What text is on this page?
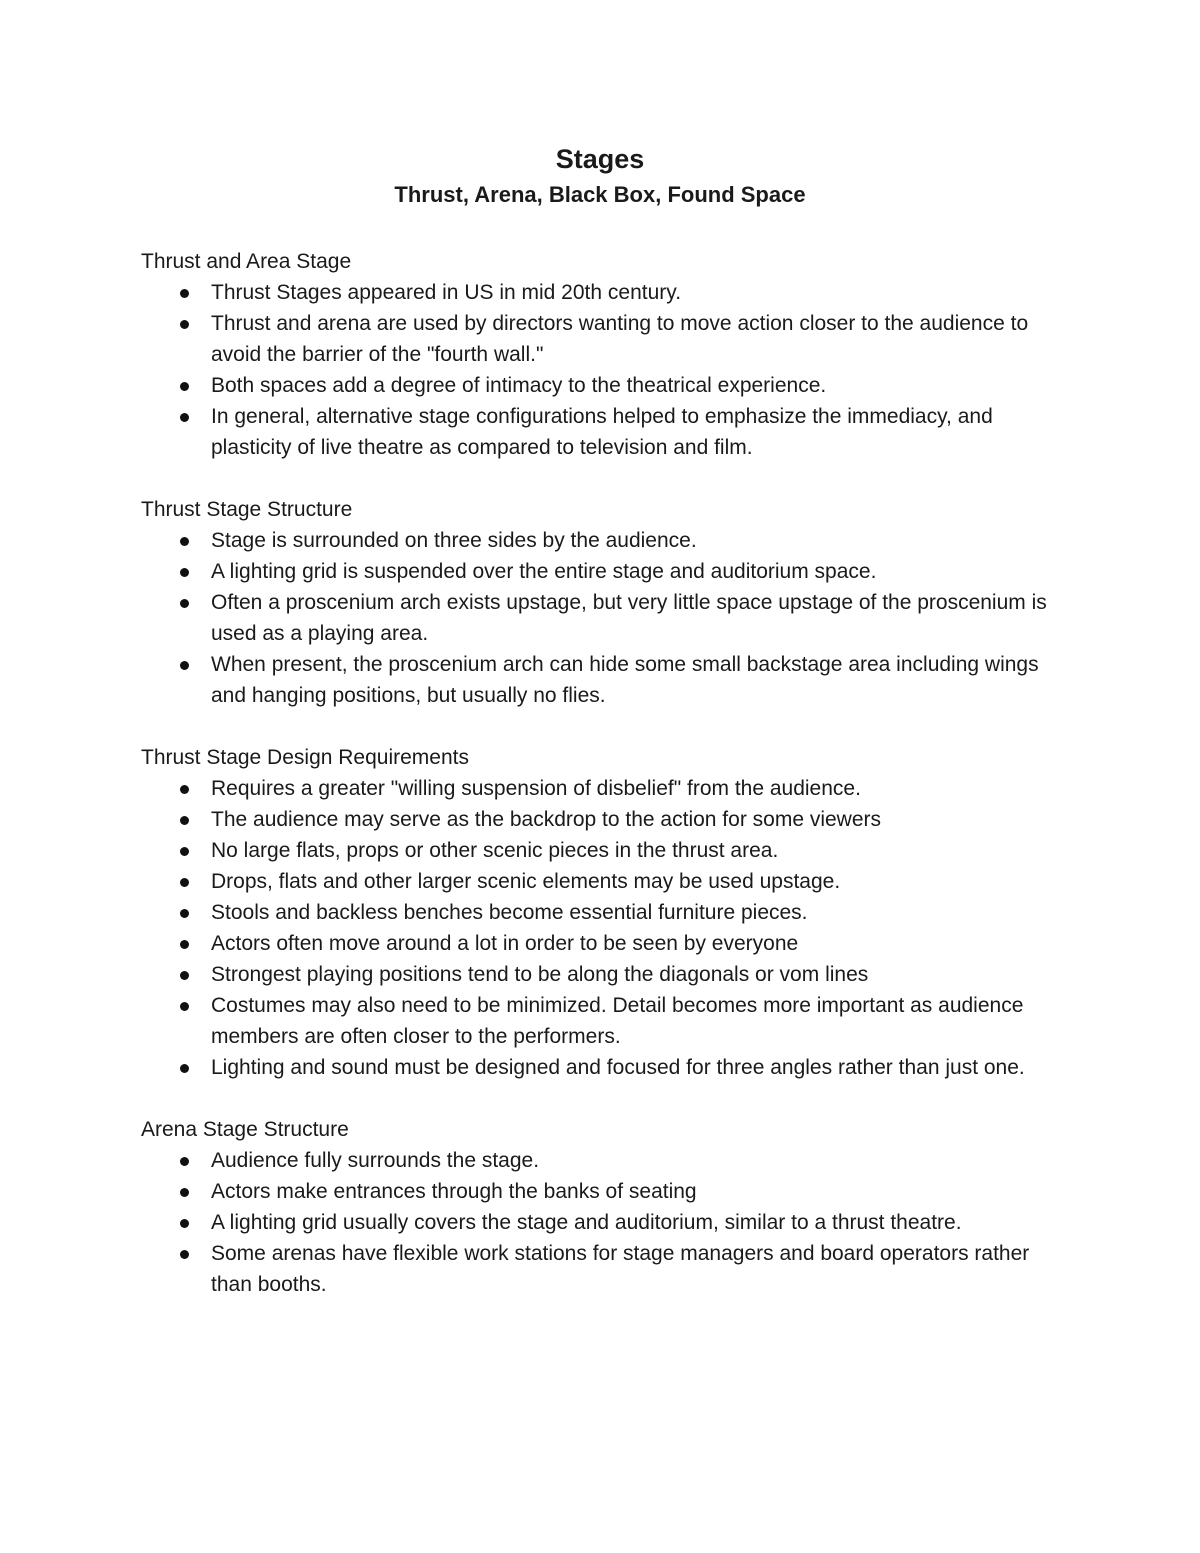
Stages
Thrust, Arena, Black Box, Found Space

Thrust and Area Stage

Thrust Stages appeared in US in mid 20th century.
Thrust and arena are used by directors wanting to move action closer to the audience to avoid the barrier of the "fourth wall."
Both spaces add a degree of intimacy to the theatrical experience.
In general, alternative stage configurations helped to emphasize the immediacy, and plasticity of live theatre as compared to television and film.

Thrust Stage Structure

Stage is surrounded on three sides by the audience.
A lighting grid is suspended over the entire stage and auditorium space.
Often a proscenium arch exists upstage, but very little space upstage of the proscenium is used as a playing area.
When present, the proscenium arch can hide some small backstage area including wings and hanging positions, but usually no flies.

Thrust Stage Design Requirements

Requires a greater "willing suspension of disbelief" from the audience.
The audience may serve as the backdrop to the action for some viewers
No large flats, props or other scenic pieces in the thrust area.
Drops, flats and other larger scenic elements may be used upstage.
Stools and backless benches become essential furniture pieces.
Actors often move around a lot in order to be seen by everyone
Strongest playing positions tend to be along the diagonals or vom lines
Costumes may also need to be minimized. Detail becomes more important as audience members are often closer to the performers.
Lighting and sound must be designed and focused for three angles rather than just one.

Arena Stage Structure

Audience fully surrounds the stage.
Actors make entrances through the banks of seating
A lighting grid usually covers the stage and auditorium, similar to a thrust theatre.
Some arenas have flexible work stations for stage managers and board operators rather than booths.
